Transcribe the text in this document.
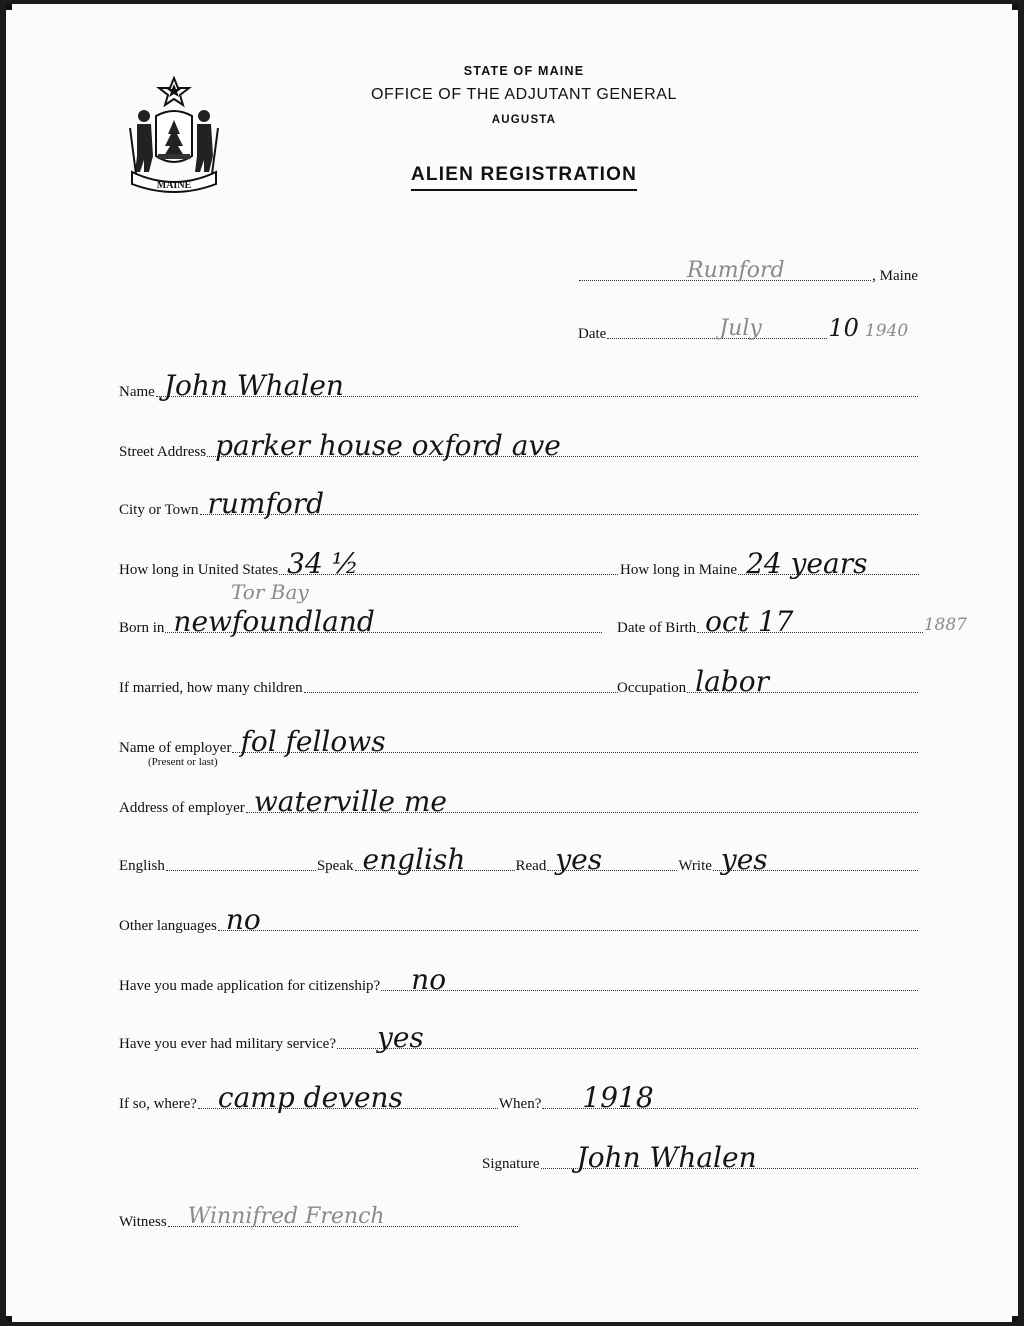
MAINE
STATE OF MAINE
OFFICE OF THE ADJUTANT GENERAL
AUGUSTA
ALIEN REGISTRATION
Rumford	, Maine
Date	July	10 1940
Name John Whalen
Street Address parker house oxford ave
City or Town rumford
How long in United States 34 ½	How long in Maine 24 years
Tor Bay
Born in newfoundland	Date of Birth oct 17	1887
If married, how many children	Occupation labor
Name of employer fol fellows
(Present or last)
Address of employer waterville me
English	Speak english	Read yes	Write yes
Other languages no
Have you made application for citizenship? no
Have you ever had military service? yes
If so, where? camp devens	When? 1918
Signature John Whalen
Witness Winnifred French
